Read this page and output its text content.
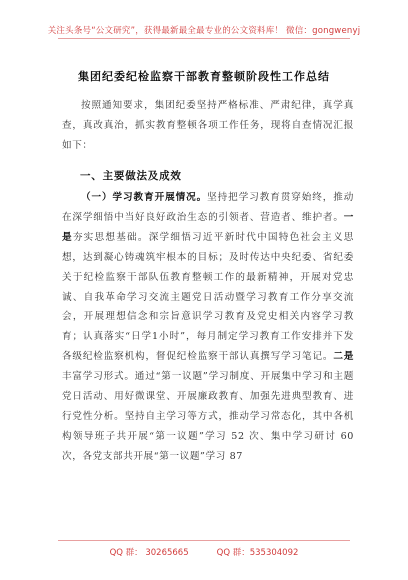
关注头条号“公文研究”，获得最新最全最专业的公文资料库！ 微信：gongwenyj
集团纪委纪检监察干部教育整顿阶段性工作总结
按照通知要求，集团纪委坚持严格标准、严肃纪律，真学真查，真改真治，抓实教育整顿各项工作任务，现将自查情况汇报如下：
一、主要做法及成效
（一）学习教育开展情况。坚持把学习教育贯穿始终，推动在深学细悟中当好良好政治生态的引领者、营造者、维护者。一是夯实思想基础。深学细悟习近平新时代中国特色社会主义思想，达到凝心铸魂筑牢根本的目标；及时传达中央纪委、省纪委关于纪检监察干部队伍教育整顿工作的最新精神，开展对党忠诚、自我革命学习交流主题党日活动暨学习教育工作分享交流会，开展理想信念和宗旨意识学习教育及党史相关内容学习教育；认真落实“日学1小时”，每月制定学习教育工作安排并下发各级纪检监察机构，督促纪检监察干部认真撰写学习笔记。二是丰富学习形式。通过“第一议题”学习制度、开展集中学习和主题党日活动、用好微课堂、开展廉政教育、加强先进典型教育、进行党性分析。坚持自主学习等方式，推动学习常态化，其中各机构领导班子共开展“第一议题”学习 52 次、集中学习研讨 60 次，各党支部共开展“第一议题”学习 87
QQ 群： 30265665	QQ 群：535304092
